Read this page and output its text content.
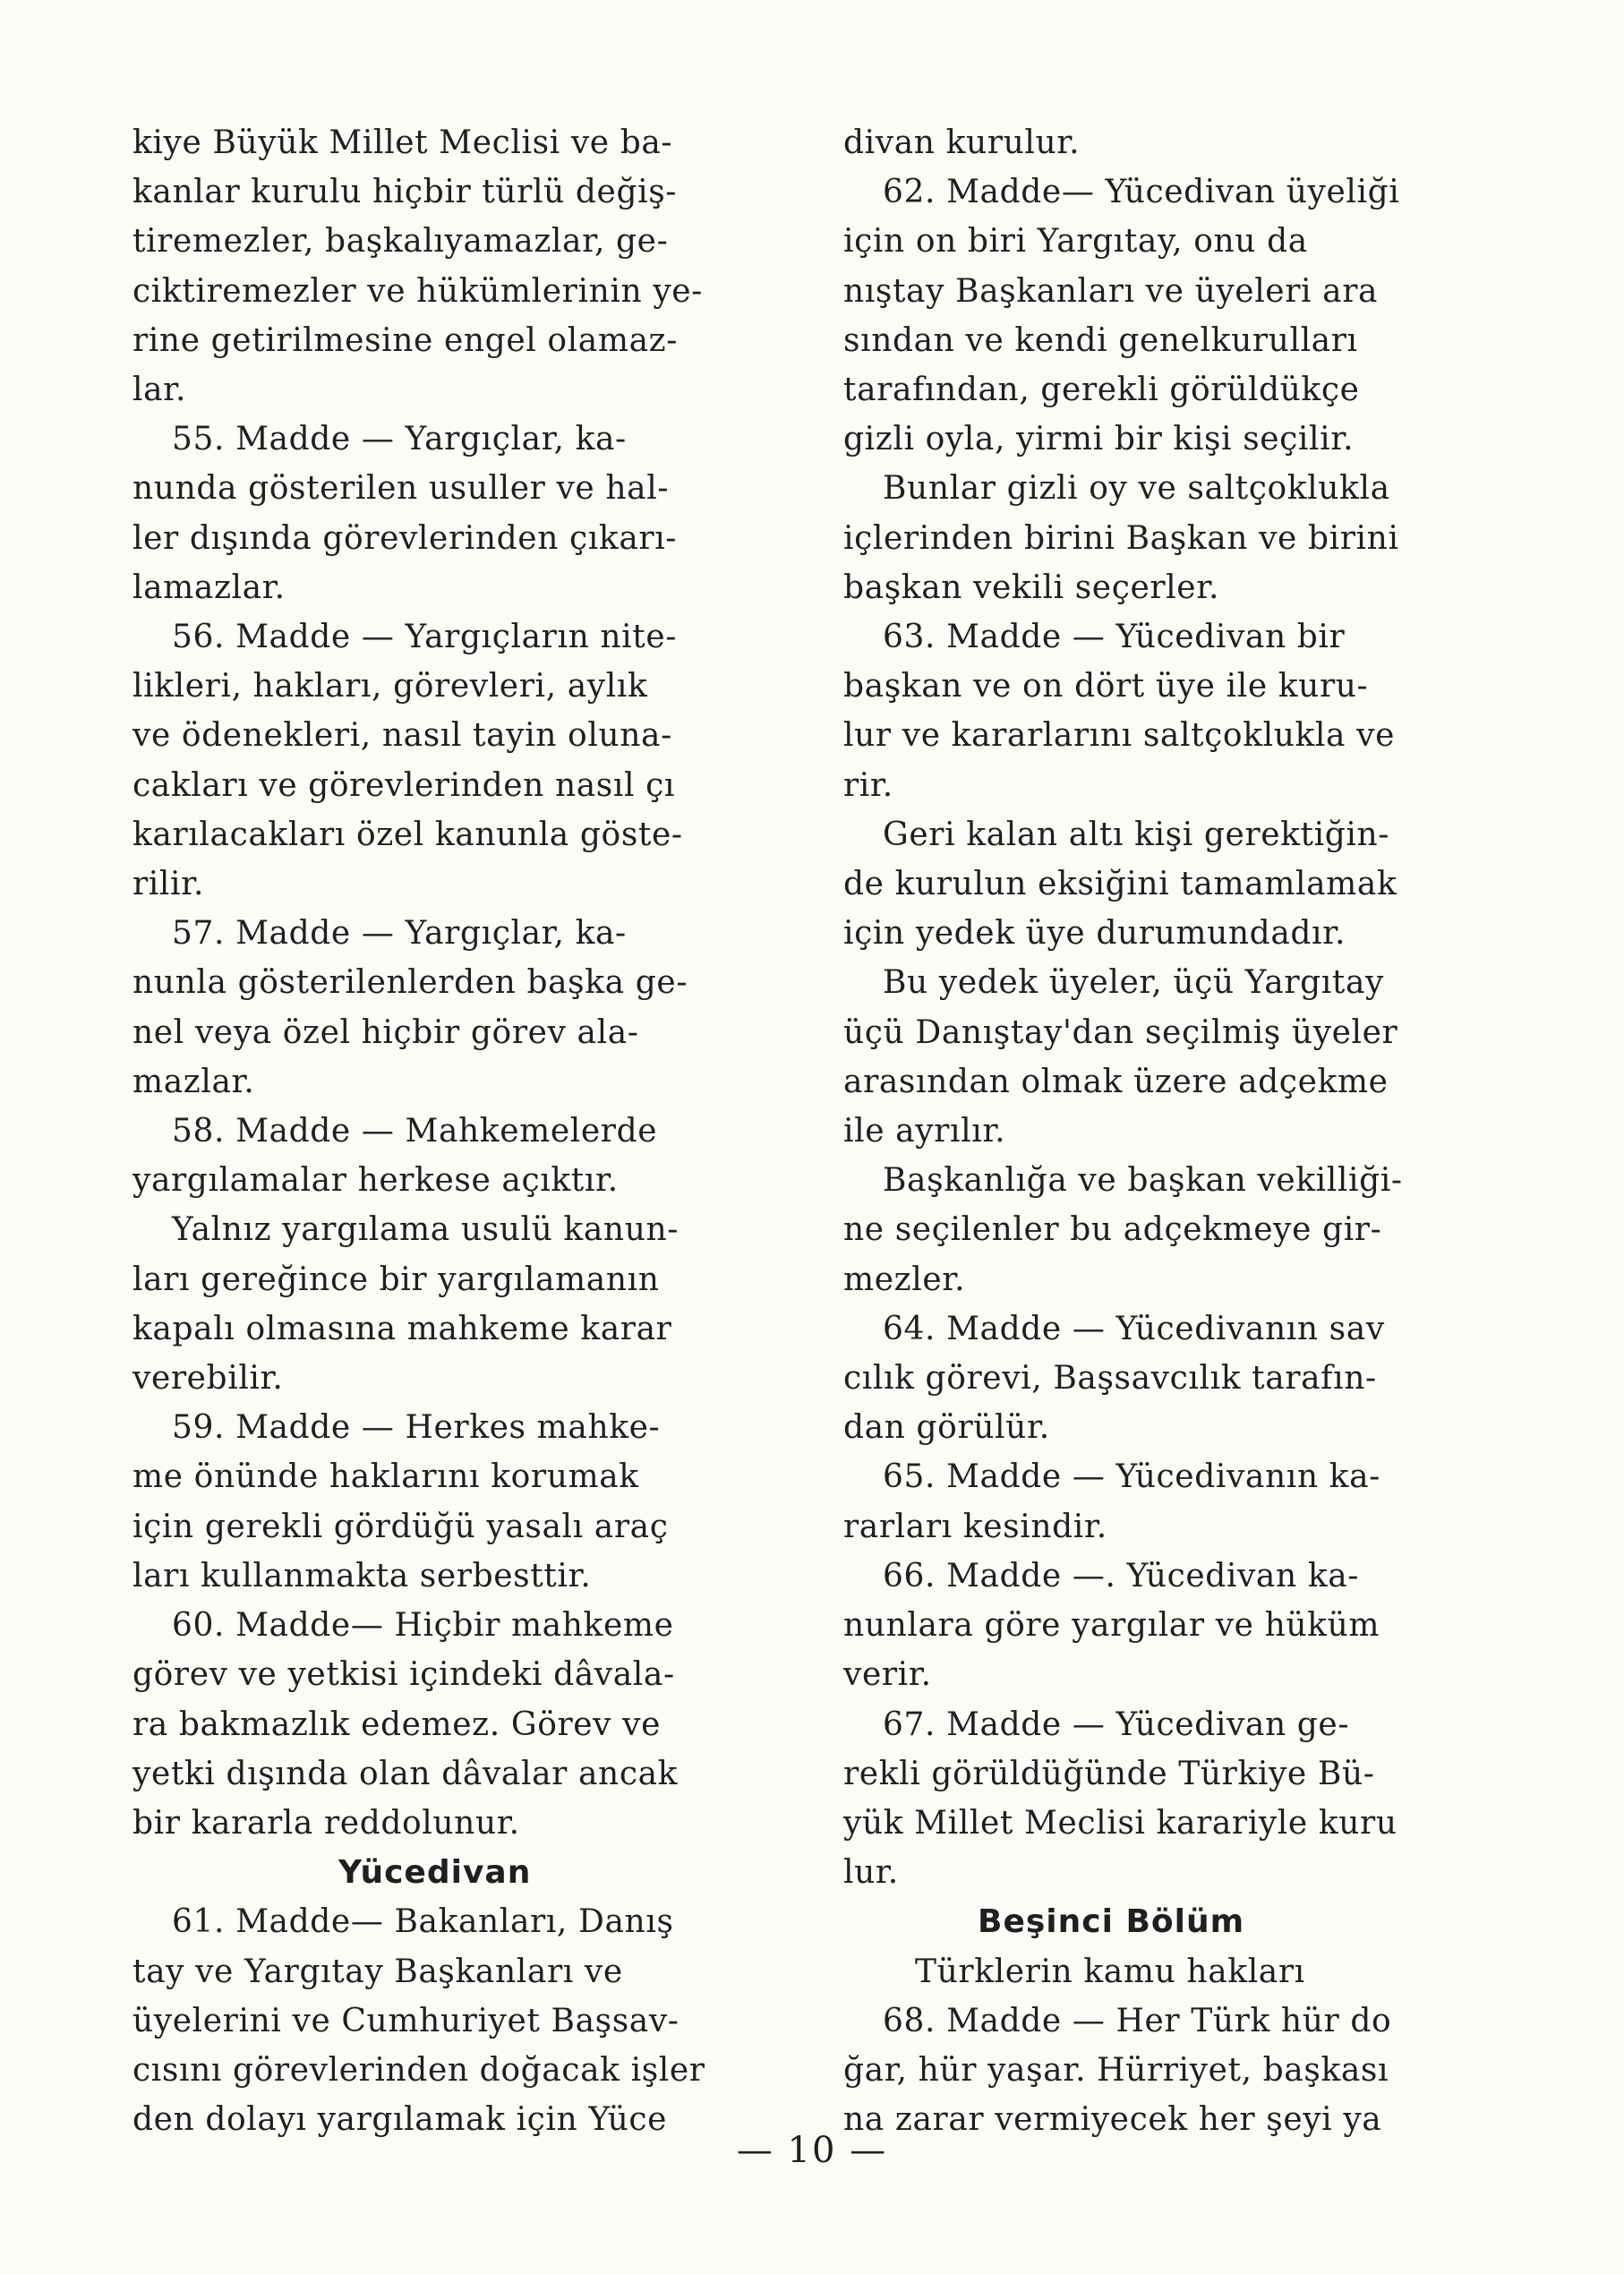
kiye Büyük Millet Meclisi ve ba-
kanlar kurulu hiçbir türlü değiş-
tiremezler, başkalıyamazlar, ge-
ciktiremezler ve hükümlerinin ye-
rine getirilmesine engel olamaz-
lar.
55. Madde — Yargıçlar, ka-
nunda gösterilen usuller ve hal-
ler dışında görevlerinden çıkarı-
lamazlar.
56. Madde — Yargıçların nite-
likleri, hakları, görevleri, aylık
ve ödenekleri, nasıl tayin oluna-
cakları ve görevlerinden nasıl çı
karılacakları özel kanunla göste-
rilir.
57. Madde — Yargıçlar, ka-
nunla gösterilenlerden başka ge-
nel veya özel hiçbir görev ala-
mazlar.
58. Madde — Mahkemelerde
yargılamalar herkese açıktır.
Yalnız yargılama usulü kanun-
ları gereğince bir yargılamanın
kapalı olmasına mahkeme karar
verebilir.
59. Madde — Herkes mahke-
me önünde haklarını korumak
için gerekli gördüğü yasalı araç
ları kullanmakta serbesttir.
60. Madde— Hiçbir mahkeme
görev ve yetkisi içindeki dâvala-
ra bakmazlık edemez. Görev ve
yetki dışında olan dâvalar ancak
bir kararla reddolunur.
Yücedivan
61. Madde— Bakanları, Danış
tay ve Yargıtay Başkanları ve
üyelerini ve Cumhuriyet Başsav-
cısını görevlerinden doğacak işler
den dolayı yargılamak için Yüce
divan kurulur.
62. Madde— Yücedivan üyeliği
için on biri Yargıtay, onu da
nıştay Başkanları ve üyeleri ara
sından ve kendi genelkurulları
tarafından, gerekli görüldükçe
gizli oyla, yirmi bir kişi seçilir.
Bunlar gizli oy ve saltçoklukla
içlerinden birini Başkan ve birini
başkan vekili seçerler.
63. Madde — Yücedivan bir
başkan ve on dört üye ile kuru-
lur ve kararlarını saltçoklukla ve
rir.
Geri kalan altı kişi gerektiğin-
de kurulun eksiğini tamamlamak
için yedek üye durumundadır.
Bu yedek üyeler, üçü Yargıtay
üçü Danıştay'dan seçilmiş üyeler
arasından olmak üzere adçekme
ile ayrılır.
Başkanlığa ve başkan vekilliği-
ne seçilenler bu adçekmeye gir-
mezler.
64. Madde — Yücedivanın sav
cılık görevi, Başsavcılık tarafın-
dan görülür.
65. Madde — Yücedivanın ka-
rarları kesindir.
66. Madde —. Yücedivan ka-
nunlara göre yargılar ve hüküm
verir.
67. Madde — Yücedivan ge-
rekli görüldüğünde Türkiye Bü-
yük Millet Meclisi karariyle kuru
lur.
Beşinci Bölüm
Türklerin kamu hakları
68. Madde — Her Türk hür do
ğar, hür yaşar. Hürriyet, başkası
na zarar vermiyecek her şeyi ya
— 10 —
